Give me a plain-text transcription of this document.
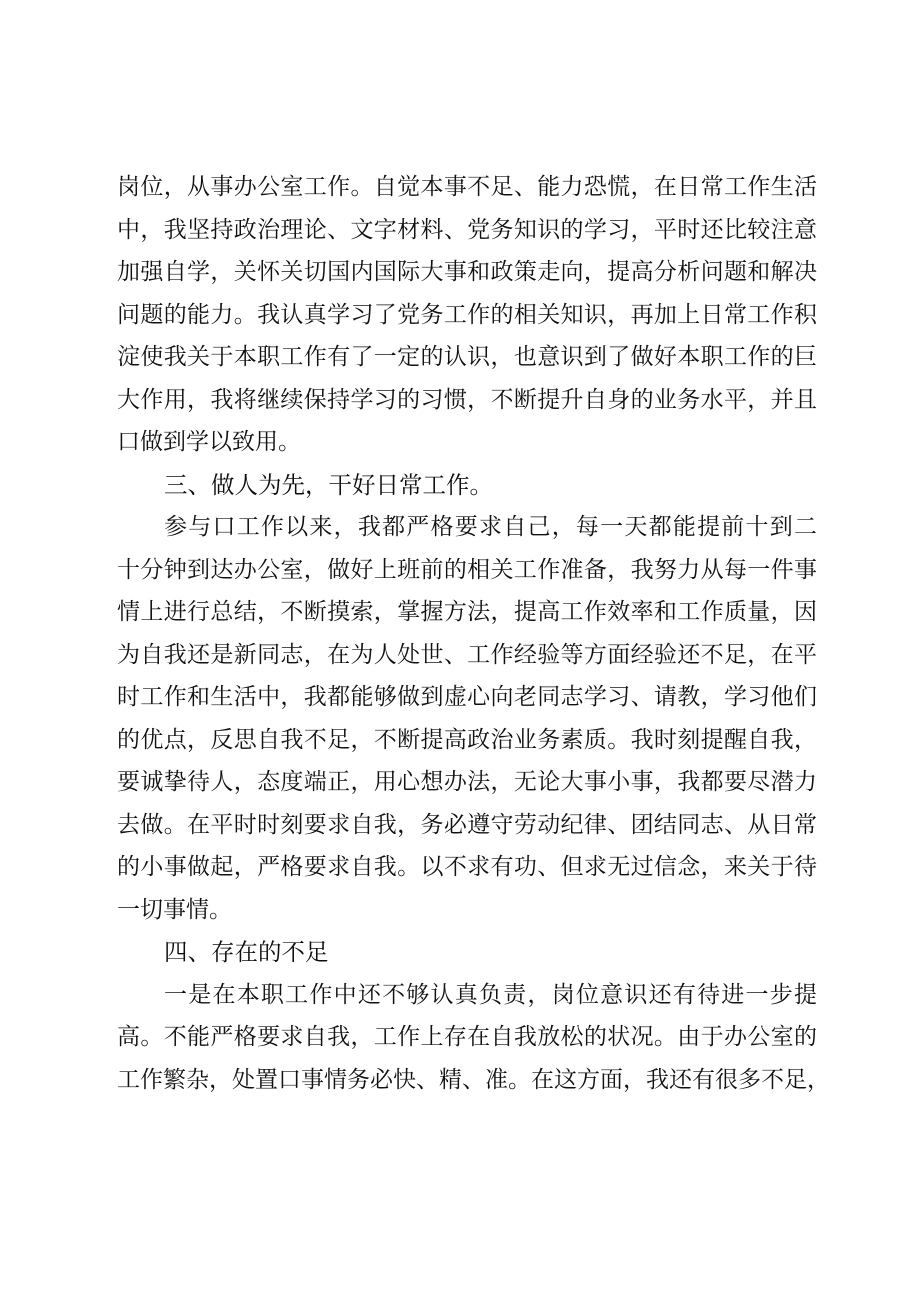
岗位，从事办公室工作。自觉本事不足、能力恐慌，在日常工作生活
中，我坚持政治理论、文字材料、党务知识的学习，平时还比较注意
加强自学，关怀关切国内国际大事和政策走向，提高分析问题和解决
问题的能力。我认真学习了党务工作的相关知识，再加上日常工作积
淀使我关于本职工作有了一定的认识，也意识到了做好本职工作的巨
大作用，我将继续保持学习的习惯，不断提升自身的业务水平，并且
口做到学以致用。
三、做人为先，干好日常工作。
参与口工作以来，我都严格要求自己，每一天都能提前十到二
十分钟到达办公室，做好上班前的相关工作准备，我努力从每一件事
情上进行总结，不断摸索，掌握方法，提高工作效率和工作质量，因
为自我还是新同志，在为人处世、工作经验等方面经验还不足，在平
时工作和生活中，我都能够做到虚心向老同志学习、请教，学习他们
的优点，反思自我不足，不断提高政治业务素质。我时刻提醒自我，
要诚挚待人，态度端正，用心想办法，无论大事小事，我都要尽潜力
去做。在平时时刻要求自我，务必遵守劳动纪律、团结同志、从日常
的小事做起，严格要求自我。以不求有功、但求无过信念，来关于待
一切事情。
四、存在的不足
一是在本职工作中还不够认真负责，岗位意识还有待进一步提
高。不能严格要求自我，工作上存在自我放松的状况。由于办公室的
工作繁杂，处置口事情务必快、精、准。在这方面，我还有很多不足，
